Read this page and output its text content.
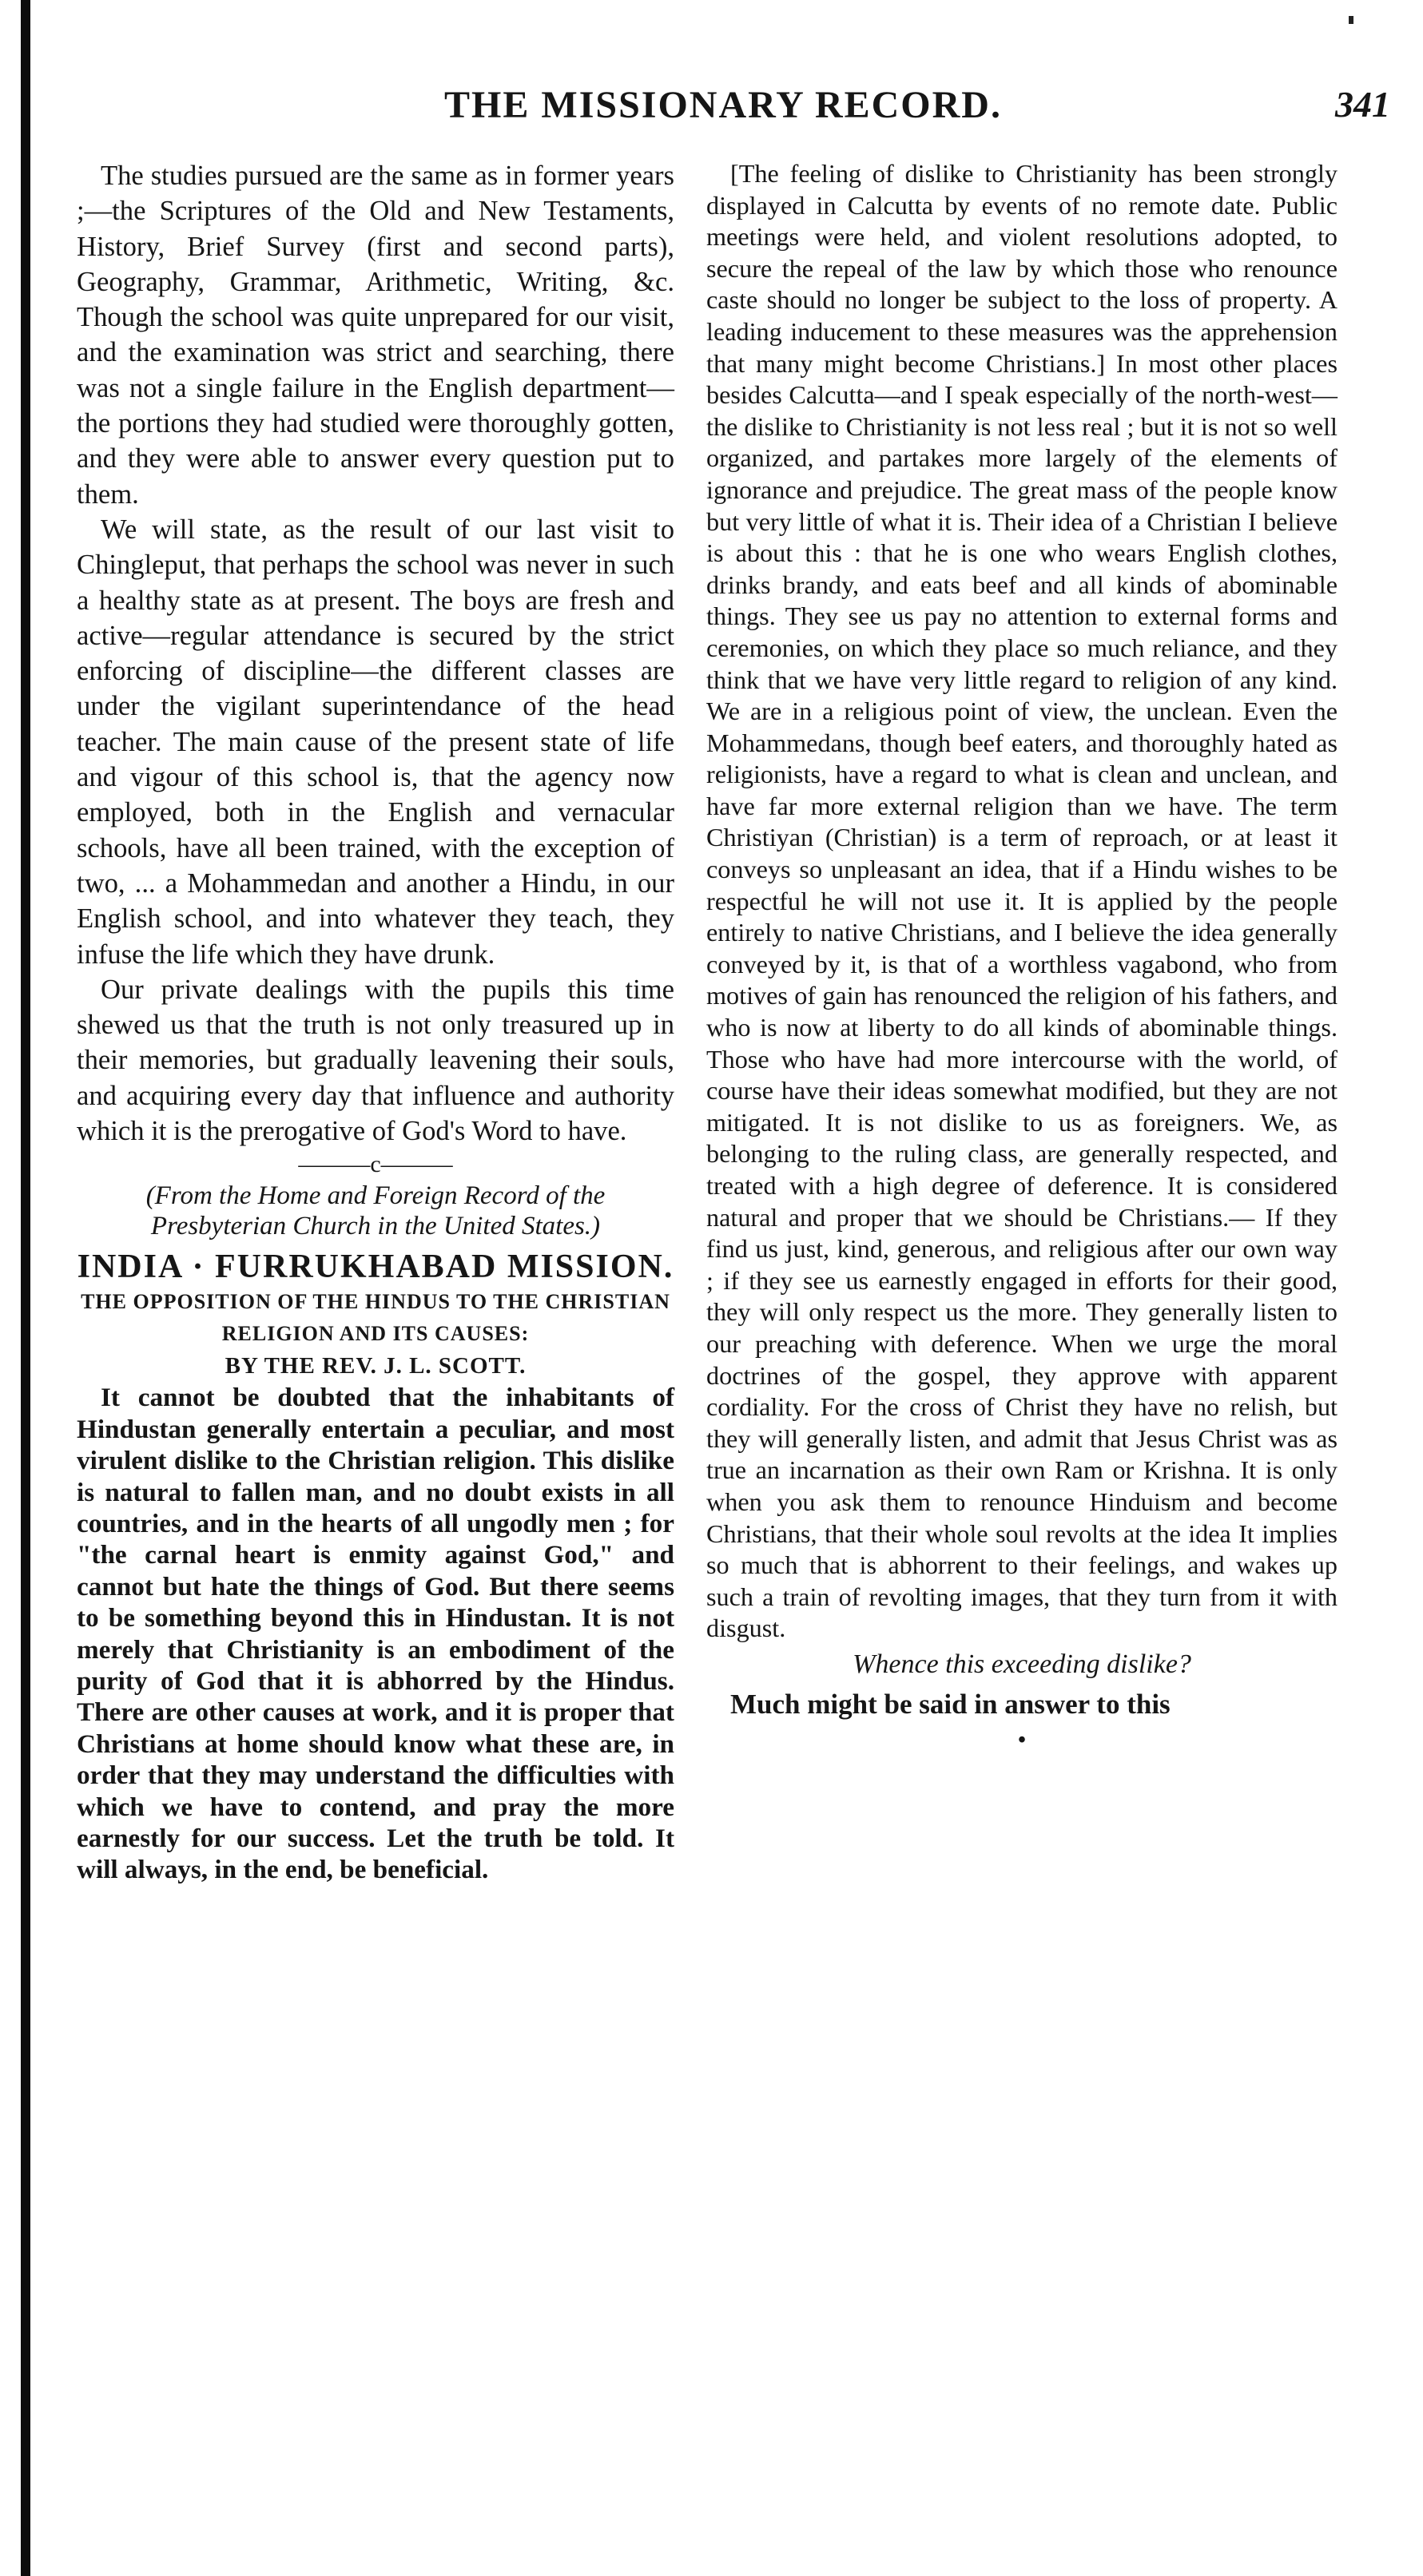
THE MISSIONARY RECORD.	341

The studies pursued are the same as in former years ;—the Scriptures of the Old and New Testaments, History, Brief Survey (first and second parts), Geography, Grammar, Arithmetic, Writing, &c. Though the school was quite unprepared for our visit, and the examination was strict and searching, there was not a single failure in the English department—the portions they had studied were thoroughly gotten, and they were able to answer every question put to them.

We will state, as the result of our last visit to Chingleput, that perhaps the school was never in such a healthy state as at present. The boys are fresh and active—regular attendance is secured by the strict enforcing of discipline—the different classes are under the vigilant superintendance of the head teacher. The main cause of the present state of life and vigour of this school is, that the agency now employed, both in the English and vernacular schools, have all been trained, with the exception of two, ... a Mohammedan and another a Hindu, in our English school, and into whatever they teach, they infuse the life which they have drunk.

Our private dealings with the pupils this time shewed us that the truth is not only treasured up in their memories, but gradually leavening their souls, and acquiring every day that influence and authority which it is the prerogative of God's Word to have.

———c———
(From the Home and Foreign Record of the Presbyterian Church in the United States.)
INDIA · FURRUKHABAD MISSION.
THE OPPOSITION OF THE HINDUS TO THE CHRISTIAN RELIGION AND ITS CAUSES:
BY THE REV. J. L. SCOTT.

It cannot be doubted that the inhabitants of Hindustan generally entertain a peculiar, and most virulent dislike to the Christian religion. This dislike is natural to fallen man, and no doubt exists in all countries, and in the hearts of all ungodly men ; for "the carnal heart is enmity against God," and cannot but hate the things of God. But there seems to be something beyond this in Hindustan. It is not merely that Christianity is an embodiment of the purity of God that it is abhorred by the Hindus. There are other causes at work, and it is proper that Christians at home should know what these are, in order that they may understand the difficulties with which we have to contend, and pray the more earnestly for our success. Let the truth be told. It will always, in the end, be beneficial.

[The feeling of dislike to Christianity has been strongly displayed in Calcutta by events of no remote date. Public meetings were held, and violent resolutions adopted, to secure the repeal of the law by which those who renounce caste should no longer be subject to the loss of property. A leading inducement to these measures was the apprehension that many might become Christians.] In most other places besides Calcutta—and I speak especially of the north-west—the dislike to Christianity is not less real ; but it is not so well organized, and partakes more largely of the elements of ignorance and prejudice. The great mass of the people know but very little of what it is. Their idea of a Christian I believe is about this : that he is one who wears English clothes, drinks brandy, and eats beef and all kinds of abominable things. They see us pay no attention to external forms and ceremonies, on which they place so much reliance, and they think that we have very little regard to religion of any kind. We are in a religious point of view, the unclean. Even the Mohammedans, though beef eaters, and thoroughly hated as religionists, have a regard to what is clean and unclean, and have far more external religion than we have. The term Christiyan (Christian) is a term of reproach, or at least it conveys so unpleasant an idea, that if a Hindu wishes to be respectful he will not use it. It is applied by the people entirely to native Christians, and I believe the idea generally conveyed by it, is that of a worthless vagabond, who from motives of gain has renounced the religion of his fathers, and who is now at liberty to do all kinds of abominable things. Those who have had more intercourse with the world, of course have their ideas somewhat modified, but they are not mitigated. It is not dislike to us as foreigners. We, as belonging to the ruling class, are generally respected, and treated with a high degree of deference. It is considered natural and proper that we should be Christians.— If they find us just, kind, generous, and religious after our own way ; if they see us earnestly engaged in efforts for their good, they will only respect us the more. They generally listen to our preaching with deference. When we urge the moral doctrines of the gospel, they approve with apparent cordiality. For the cross of Christ they have no relish, but they will generally listen, and admit that Jesus Christ was as true an incarnation as their own Ram or Krishna. It is only when you ask them to renounce Hinduism and become Christians, that their whole soul revolts at the idea It implies so much that is abhorrent to their feelings, and wakes up such a train of revolting images, that they turn from it with disgust.

Whence this exceeding dislike?

Much might be said in answer to this

•
